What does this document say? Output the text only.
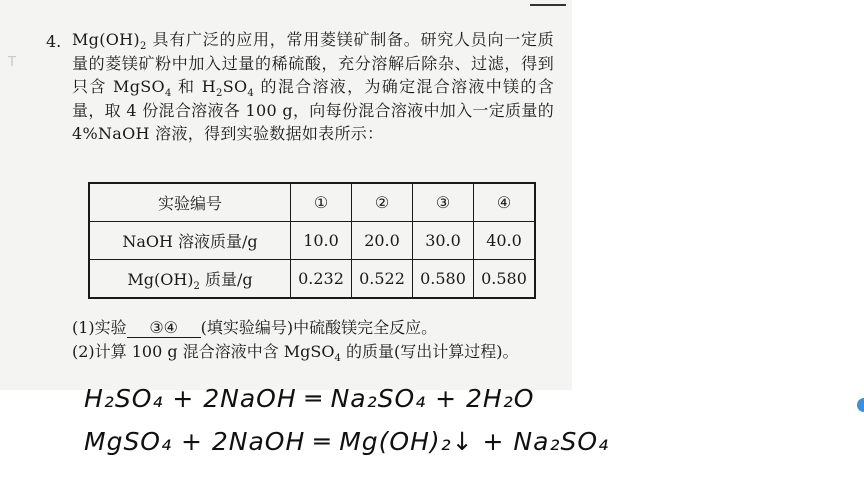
T
4. $Mg(OH)_2$ 具有广泛的应用，常用菱镁矿制备。研究人员向一定质量的菱镁矿粉中加入过量的稀硫酸，充分溶解后除杂、过滤，得到只含 MgSO$_4$ 和 $H_2SO_4$ 的混合溶液，为确定混合溶液中镁的含量，取 4 份混合溶液各 100 g，向每份混合溶液中加入一定质量的 4%NaOH 溶液，得到实验数据如表所示：
实验编号	①	②	③	④
NaOH 溶液质量/g	10.0	20.0	30.0	40.0
$Mg(OH)_2$ 质量/g	0.232	0.522	0.580	0.580
(1)实验 ③④ (填实验编号)中硫酸镁完全反应。
(2)计算 100 g 混合溶液中含 MgSO$_4$ 的质量(写出计算过程)。
H₂SO₄ + 2NaOH ═ Na₂SO₄ + 2H₂O
MgSO₄ + 2NaOH ═ Mg(OH)₂↓ + Na₂SO₄
